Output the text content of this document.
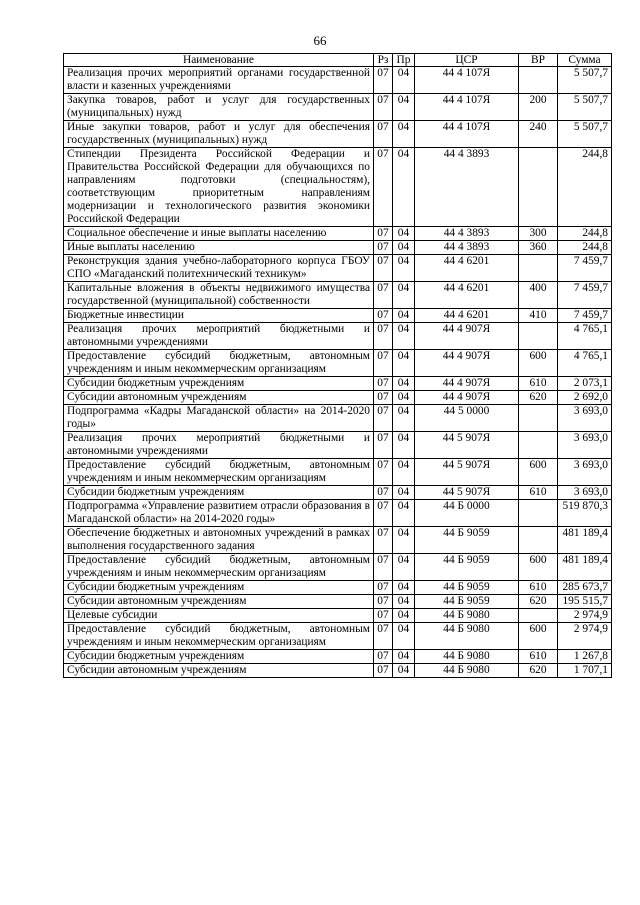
66
Наименование	Рз	Пр	ЦСР	ВР	Сумма
Реализация прочих мероприятий органами государственной власти и казенных учреждениями	07	04	44 4 107Я		5 507,7
Закупка товаров, работ и услуг для государственных (муниципальных) нужд	07	04	44 4 107Я	200	5 507,7
Иные закупки товаров, работ и услуг для обеспечения государственных (муниципальных) нужд	07	04	44 4 107Я	240	5 507,7
Стипендии Президента Российской Федерации и Правительства Российской Федерации для обучающихся по направлениям подготовки (специальностям), соответствующим приоритетным направлениям модернизации и технологического развития экономики Российской Федерации	07	04	44 4 3893		244,8
Социальное обеспечение и иные выплаты населению	07	04	44 4 3893	300	244,8
Иные выплаты населению	07	04	44 4 3893	360	244,8
Реконструкция здания учебно-лабораторного корпуса ГБОУ СПО «Магаданский политехнический техникум»	07	04	44 4 6201		7 459,7
Капитальные вложения в объекты недвижимого имущества государственной (муниципальной) собственности	07	04	44 4 6201	400	7 459,7
Бюджетные инвестиции	07	04	44 4 6201	410	7 459,7
Реализация прочих мероприятий бюджетными и автономными учреждениями	07	04	44 4 907Я		4 765,1
Предоставление субсидий бюджетным, автономным учреждениям и иным некоммерческим организациям	07	04	44 4 907Я	600	4 765,1
Субсидии бюджетным учреждениям	07	04	44 4 907Я	610	2 073,1
Субсидии автономным учреждениям	07	04	44 4 907Я	620	2 692,0
Подпрограмма «Кадры Магаданской области» на 2014-2020 годы»	07	04	44 5 0000		3 693,0
Реализация прочих мероприятий бюджетными и автономными учреждениями	07	04	44 5 907Я		3 693,0
Предоставление субсидий бюджетным, автономным учреждениям и иным некоммерческим организациям	07	04	44 5 907Я	600	3 693,0
Субсидии бюджетным учреждениям	07	04	44 5 907Я	610	3 693,0
Подпрограмма «Управление развитием отрасли образования в Магаданской области» на 2014-2020 годы»	07	04	44 Б 0000		519 870,3
Обеспечение бюджетных и автономных учреждений в рамках выполнения государственного задания	07	04	44 Б 9059		481 189,4
Предоставление субсидий бюджетным, автономным учреждениям и иным некоммерческим организациям	07	04	44 Б 9059	600	481 189,4
Субсидии бюджетным учреждениям	07	04	44 Б 9059	610	285 673,7
Субсидии автономным учреждениям	07	04	44 Б 9059	620	195 515,7
Целевые субсидии	07	04	44 Б 9080		2 974,9
Предоставление субсидий бюджетным, автономным учреждениям и иным некоммерческим организациям	07	04	44 Б 9080	600	2 974,9
Субсидии бюджетным учреждениям	07	04	44 Б 9080	610	1 267,8
Субсидии автономным учреждениям	07	04	44 Б 9080	620	1 707,1
